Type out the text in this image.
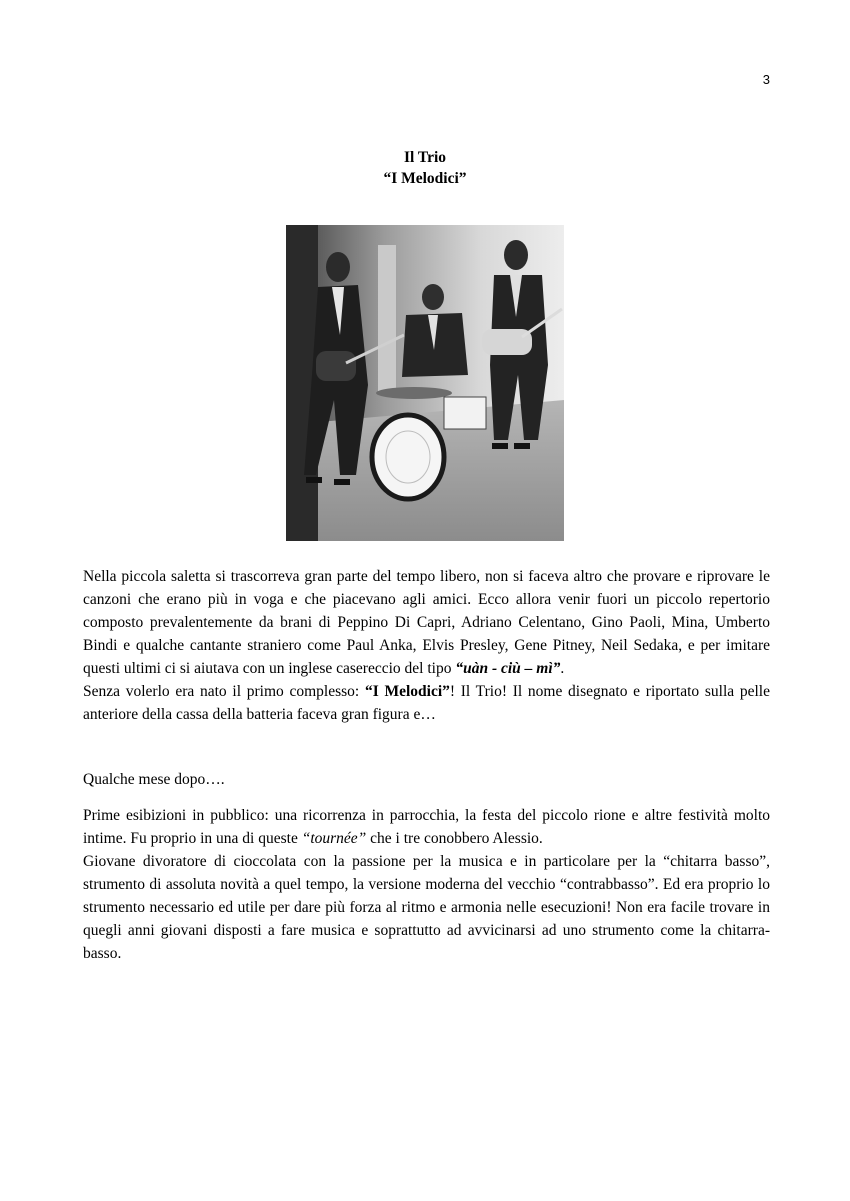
3
Il Trio
“I Melodici”

Nella piccola saletta si trascorreva gran parte del tempo libero, non si faceva altro che provare e riprovare le canzoni che erano più in voga e che piacevano agli amici. Ecco allora venir fuori un piccolo repertorio composto prevalentemente da brani di Peppino Di Capri, Adriano Celentano, Gino Paoli, Mina, Umberto Bindi e qualche cantante straniero come Paul Anka, Elvis Presley, Gene Pitney, Neil Sedaka, e per imitare questi ultimi ci si aiutava con un inglese casereccio del tipo “uàn - ciù – mì”.

Senza volerlo era nato il primo complesso: “I Melodici”! Il Trio! Il nome disegnato e riportato sulla pelle anteriore della cassa della batteria faceva gran figura e…

Qualche mese dopo….

Prime esibizioni in pubblico: una ricorrenza in parrocchia, la festa del piccolo rione e altre festività molto intime. Fu proprio in una di queste “tournée” che i tre conobbero Alessio.

Giovane divoratore di cioccolata con la passione per la musica e in particolare per la “chitarra basso”, strumento di assoluta novità a quel tempo, la versione moderna del vecchio “contrabbasso”. Ed era proprio lo strumento necessario ed utile per dare più forza al ritmo e armonia nelle esecuzioni! Non era facile trovare in quegli anni giovani disposti a fare musica e soprattutto ad avvicinarsi ad uno strumento come la chitarra-basso.
